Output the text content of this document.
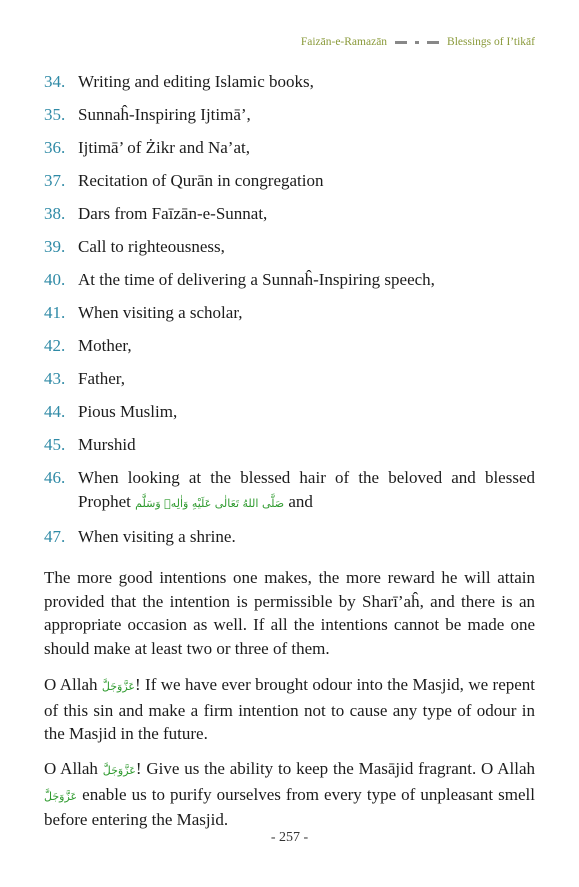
Faizān-e-Ramazān	Blessings of I’tikāf
34. Writing and editing Islamic books,
35. Sunnaĥ-Inspiring Ijtimā’,
36. Ijtimā’ of Żikr and Na’at,
37. Recitation of Qurān in congregation
38. Dars from Faīzān-e-Sunnat,
39. Call to righteousness,
40. At the time of delivering a Sunnaĥ-Inspiring speech,
41. When visiting a scholar,
42. Mother,
43. Father,
44. Pious Muslim,
45. Murshid
46. When looking at the blessed hair of the beloved and blessed Prophet صَلَّى اللهُ تَعَالٰى عَلَيْهِ وَاٰلِهٖ وَسَلَّم and
47. When visiting a shrine.

The more good intentions one makes, the more reward he will attain provided that the intention is permissible by Sharī’aĥ, and there is an appropriate occasion as well. If all the intentions cannot be made one should make at least two or three of them.

O Allah عَزَّوَجَلَّ! If we have ever brought odour into the Masjid, we repent of this sin and make a firm intention not to cause any type of odour in the Masjid in the future.

O Allah عَزَّوَجَلَّ! Give us the ability to keep the Masājid fragrant. O Allah عَزَّوَجَلَّ enable us to purify ourselves from every type of unpleasant smell before entering the Masjid.

- 257 -
